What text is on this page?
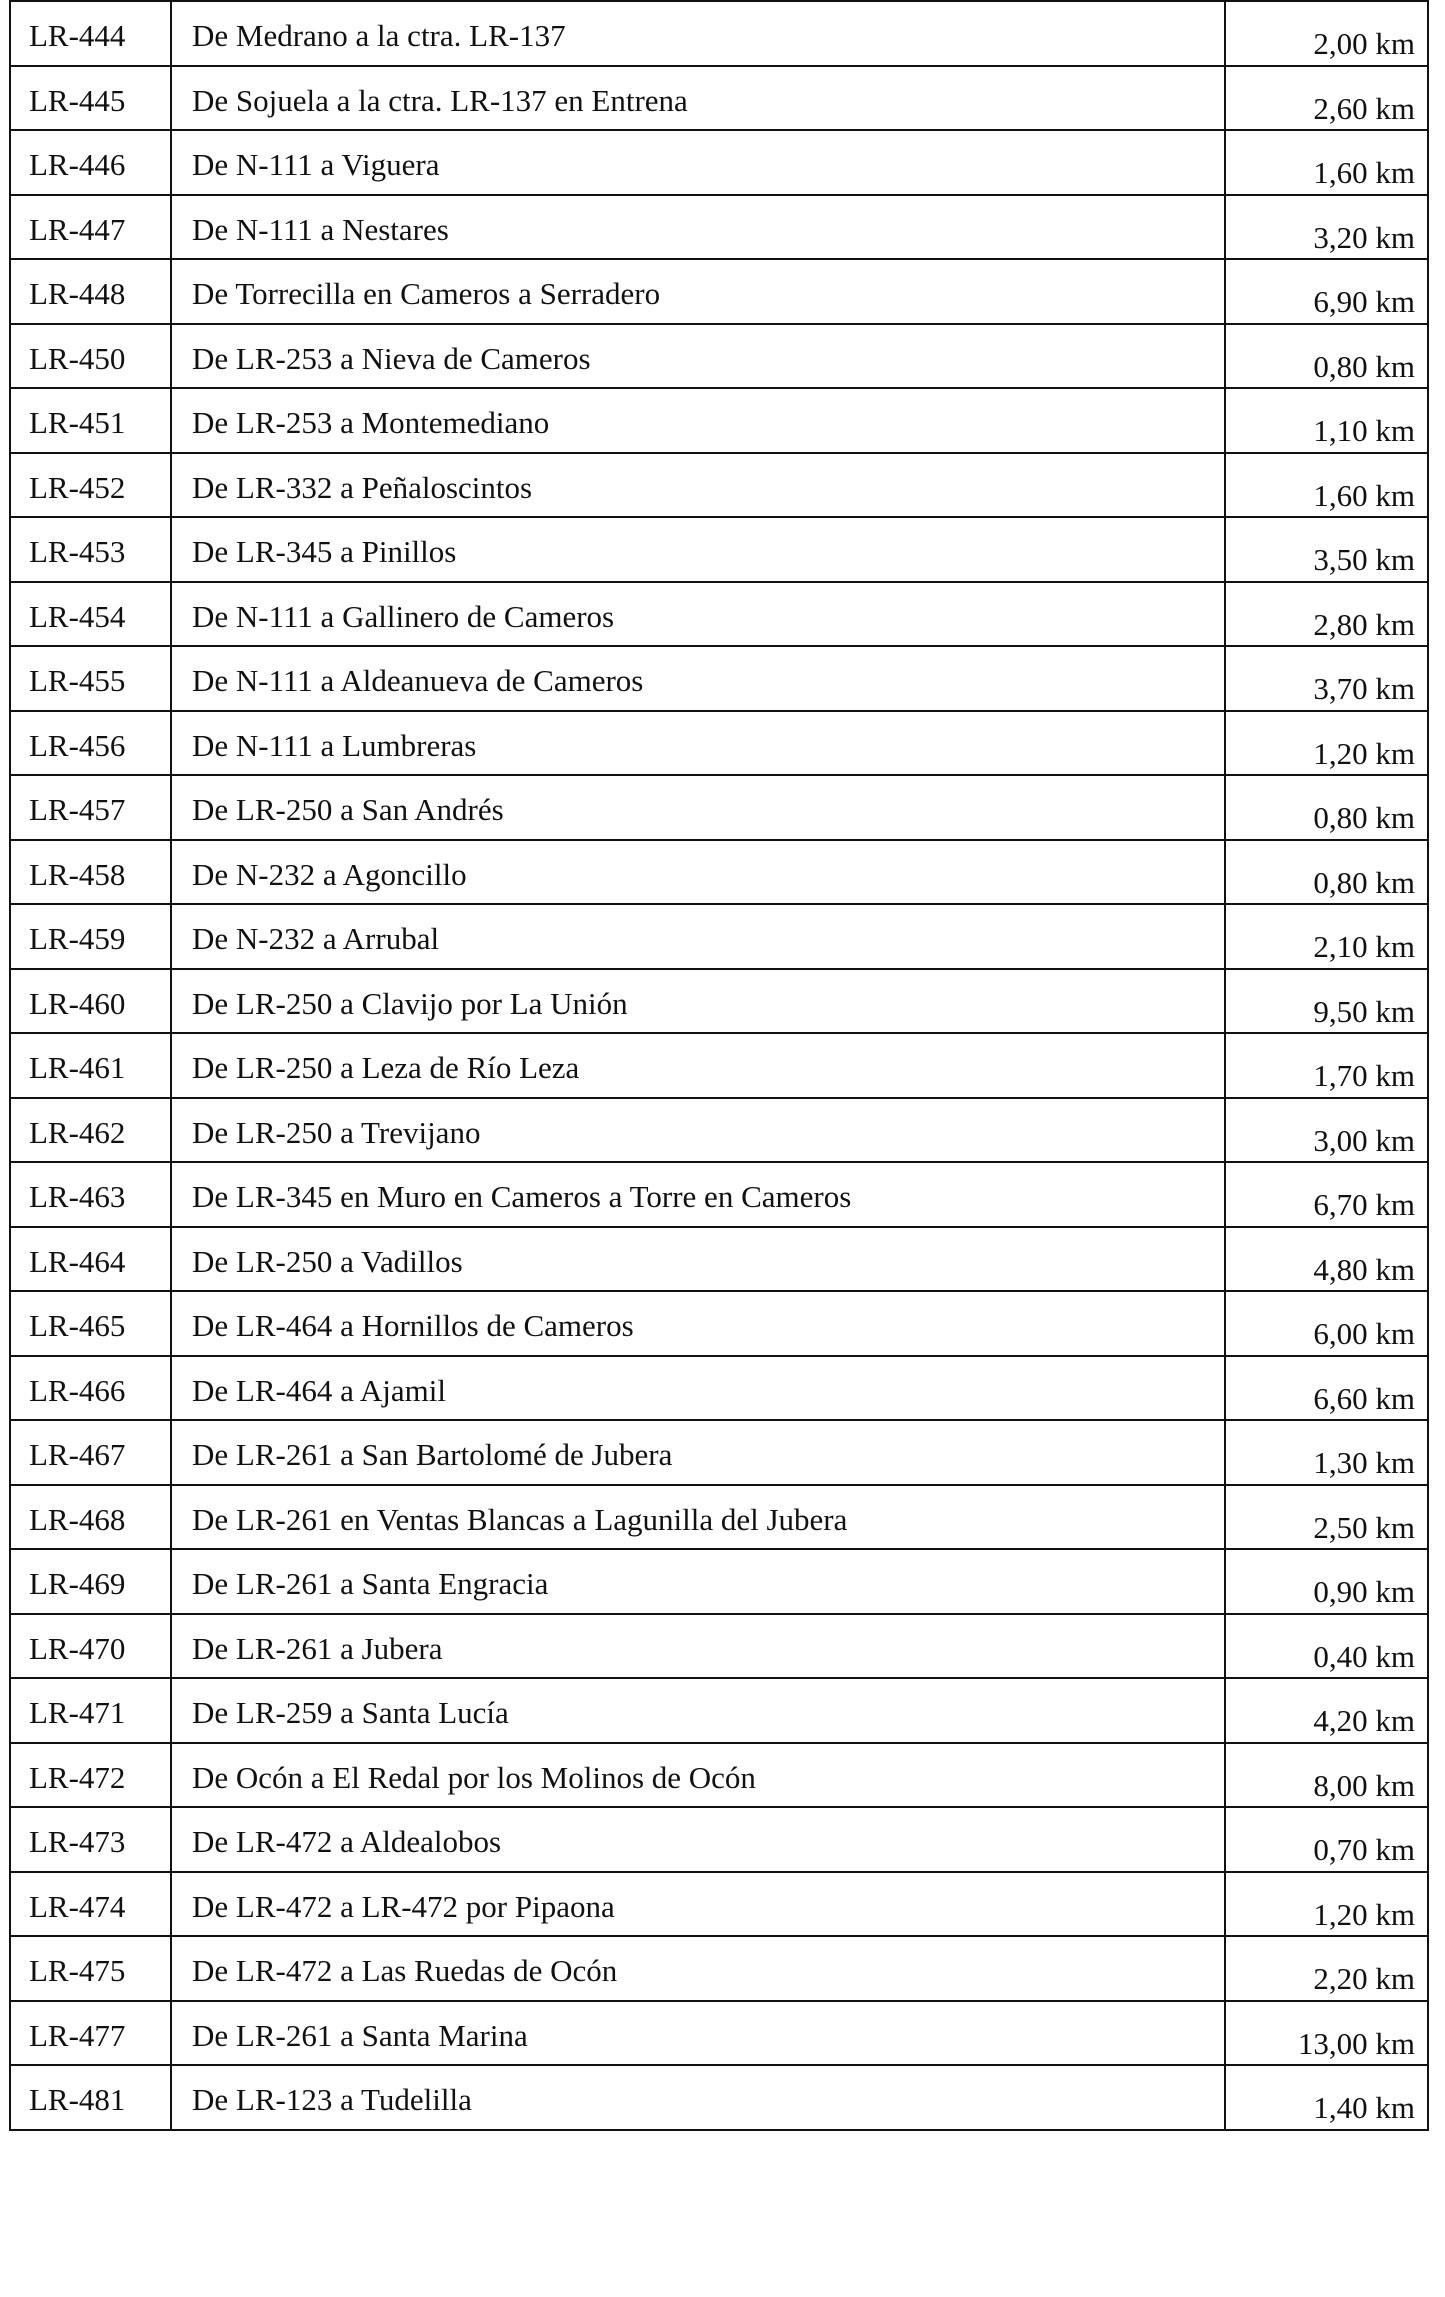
LR-444	De Medrano a la ctra. LR-137	2,00 km
LR-445	De Sojuela a la ctra. LR-137 en Entrena	2,60 km
LR-446	De N-111 a Viguera	1,60 km
LR-447	De N-111 a Nestares	3,20 km
LR-448	De Torrecilla en Cameros a Serradero	6,90 km
LR-450	De LR-253 a Nieva de Cameros	0,80 km
LR-451	De LR-253 a Montemediano	1,10 km
LR-452	De LR-332 a Peñaloscintos	1,60 km
LR-453	De LR-345 a Pinillos	3,50 km
LR-454	De N-111 a Gallinero de Cameros	2,80 km
LR-455	De N-111 a Aldeanueva de Cameros	3,70 km
LR-456	De N-111 a Lumbreras	1,20 km
LR-457	De LR-250 a San Andrés	0,80 km
LR-458	De N-232 a Agoncillo	0,80 km
LR-459	De N-232 a Arrubal	2,10 km
LR-460	De LR-250 a Clavijo por La Unión	9,50 km
LR-461	De LR-250 a Leza de Río Leza	1,70 km
LR-462	De LR-250 a Trevijano	3,00 km
LR-463	De LR-345 en Muro en Cameros a Torre en Cameros	6,70 km
LR-464	De LR-250 a Vadillos	4,80 km
LR-465	De LR-464 a Hornillos de Cameros	6,00 km
LR-466	De LR-464 a Ajamil	6,60 km
LR-467	De LR-261 a San Bartolomé de Jubera	1,30 km
LR-468	De LR-261 en Ventas Blancas a Lagunilla del Jubera	2,50 km
LR-469	De LR-261 a Santa Engracia	0,90 km
LR-470	De LR-261 a Jubera	0,40 km
LR-471	De LR-259 a Santa Lucía	4,20 km
LR-472	De Ocón a El Redal por los Molinos de Ocón	8,00 km
LR-473	De LR-472 a Aldealobos	0,70 km
LR-474	De LR-472 a LR-472 por Pipaona	1,20 km
LR-475	De LR-472 a Las Ruedas de Ocón	2,20 km
LR-477	De LR-261 a Santa Marina	13,00 km
LR-481	De LR-123 a Tudelilla	1,40 km
